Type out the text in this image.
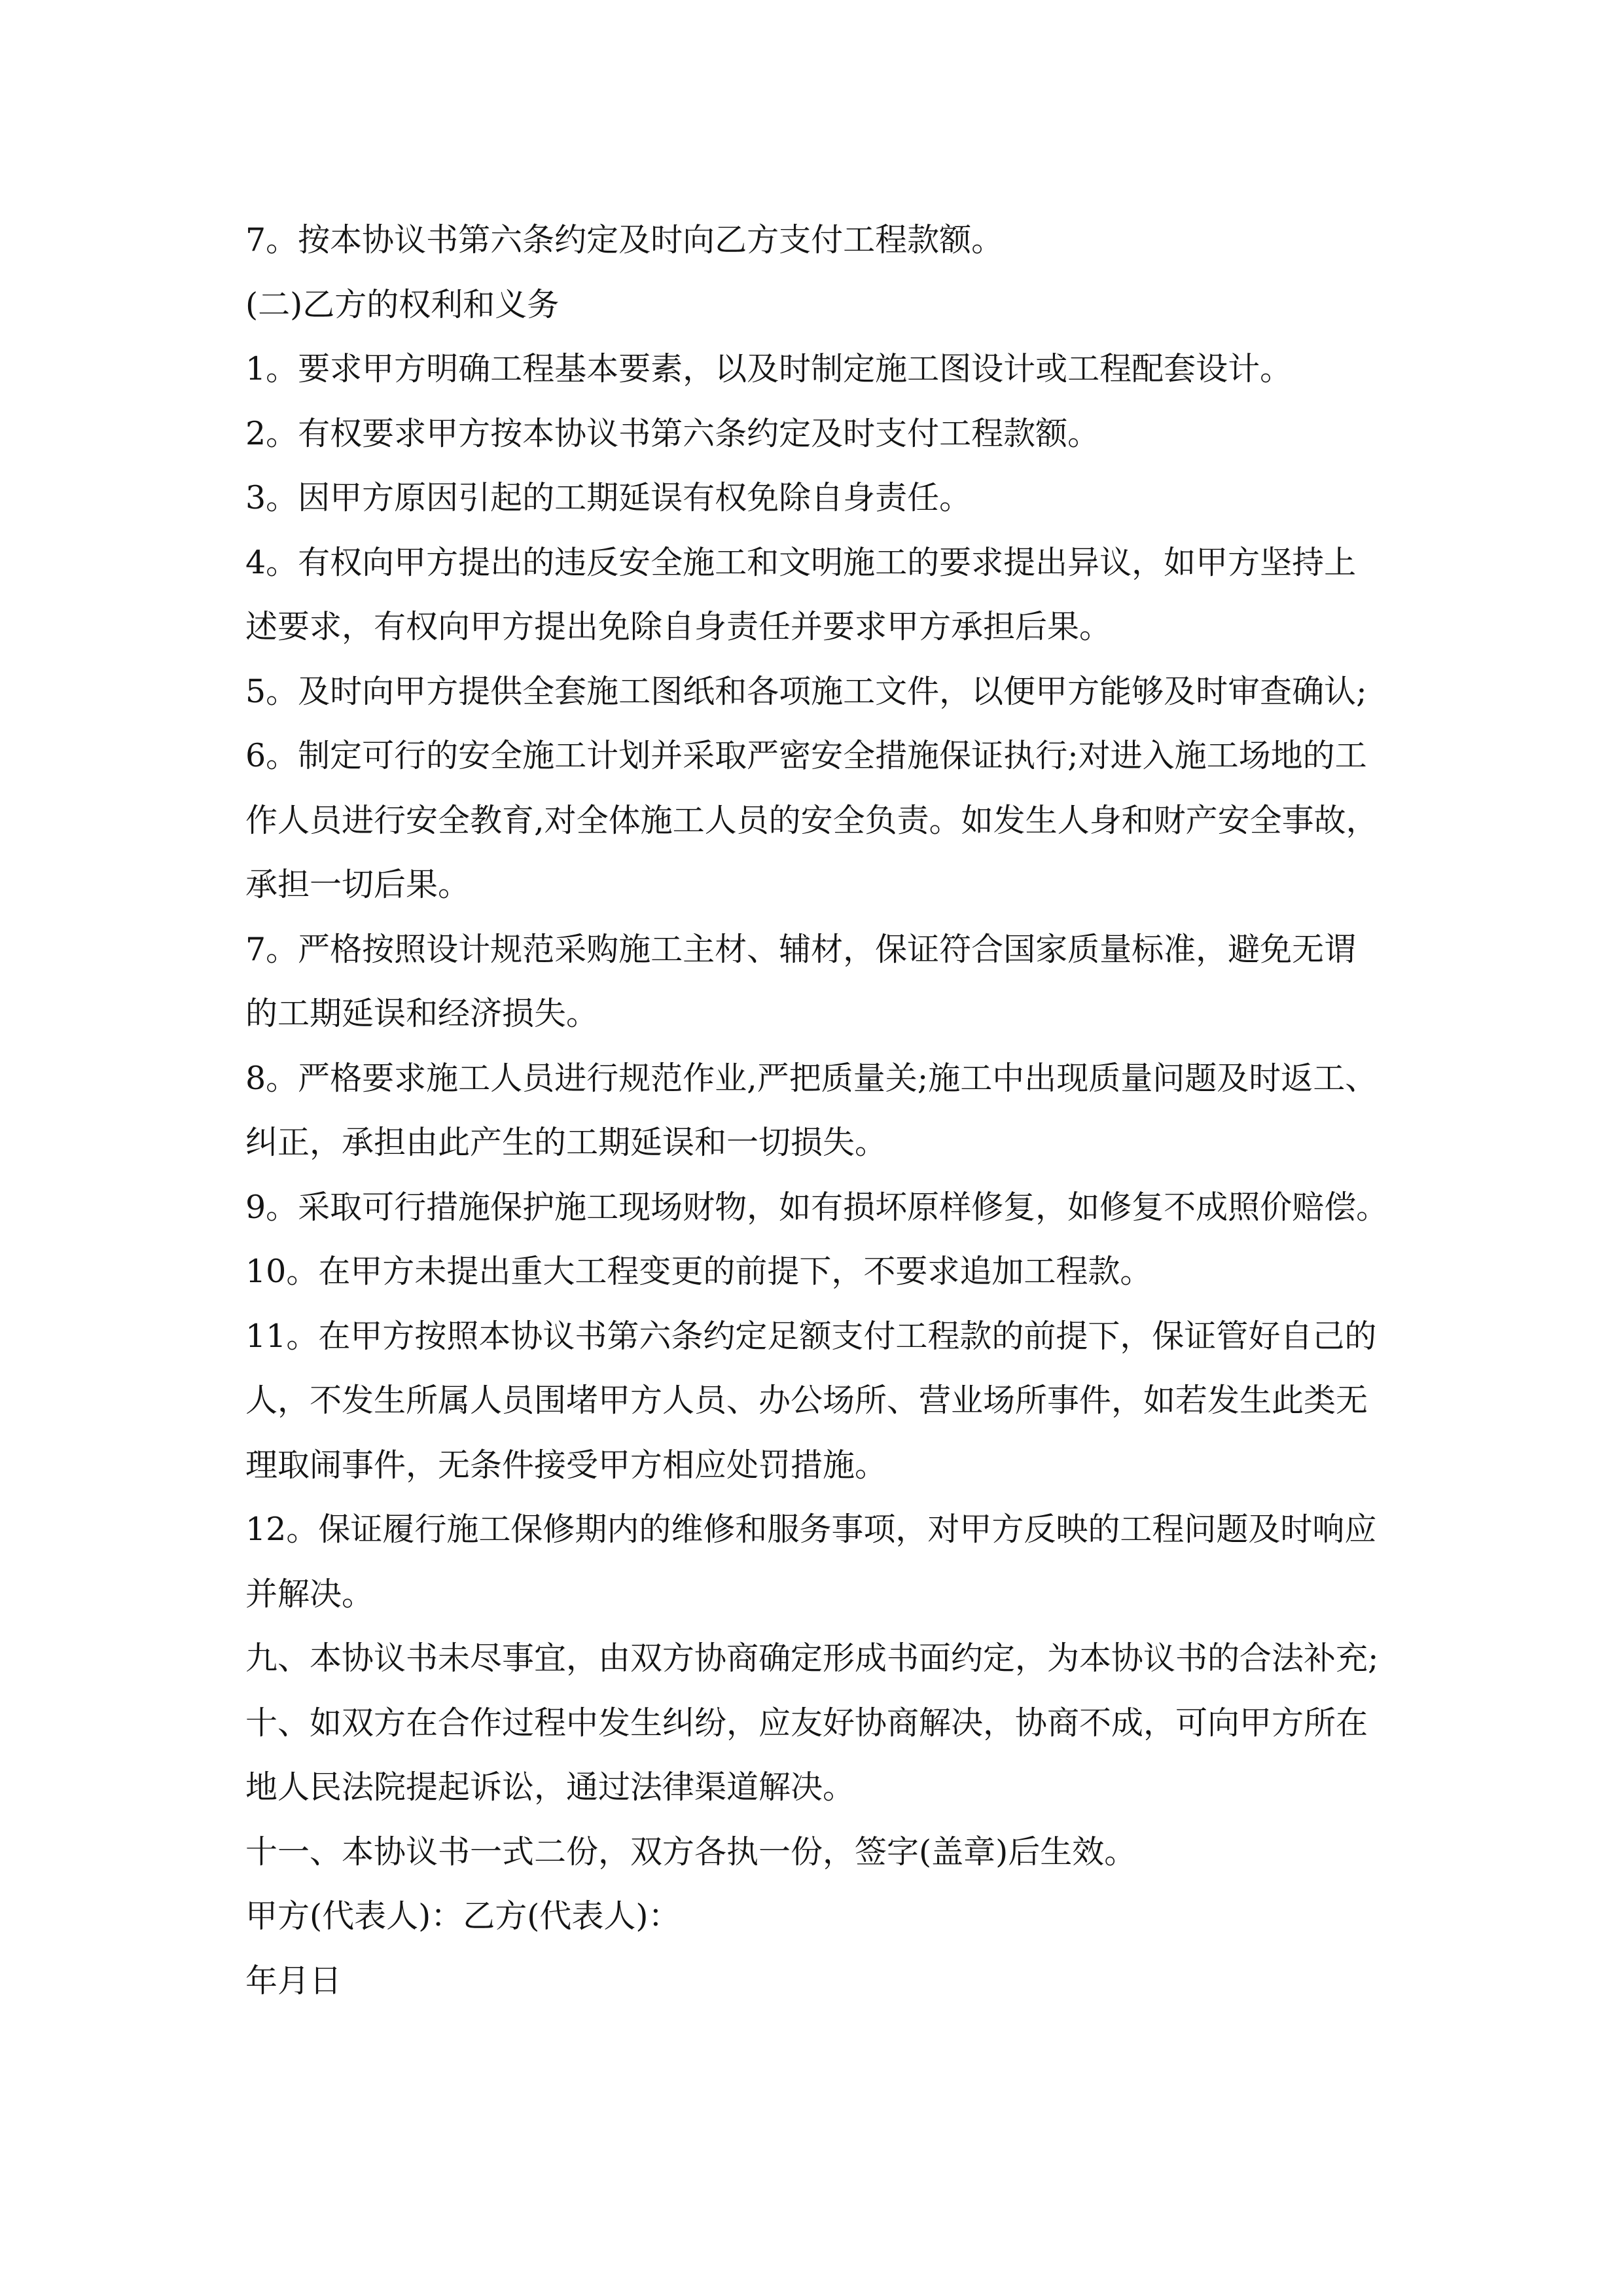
7。按本协议书第六条约定及时向乙方支付工程款额。

(二)乙方的权利和义务

1。要求甲方明确工程基本要素，以及时制定施工图设计或工程配套设计。

2。有权要求甲方按本协议书第六条约定及时支付工程款额。

3。因甲方原因引起的工期延误有权免除自身责任。

4。有权向甲方提出的违反安全施工和文明施工的要求提出异议，如甲方坚持上

述要求，有权向甲方提出免除自身责任并要求甲方承担后果。

5。及时向甲方提供全套施工图纸和各项施工文件，以便甲方能够及时审查确认;

6。制定可行的安全施工计划并采取严密安全措施保证执行;对进入施工场地的工

作人员进行安全教育,对全体施工人员的安全负责。如发生人身和财产安全事故，

承担一切后果。

7。严格按照设计规范采购施工主材、辅材，保证符合国家质量标准，避免无谓

的工期延误和经济损失。

8。严格要求施工人员进行规范作业,严把质量关;施工中出现质量问题及时返工、

纠正，承担由此产生的工期延误和一切损失。

9。采取可行措施保护施工现场财物，如有损坏原样修复，如修复不成照价赔偿。

10。在甲方未提出重大工程变更的前提下，不要求追加工程款。

11。在甲方按照本协议书第六条约定足额支付工程款的前提下，保证管好自己的

人，不发生所属人员围堵甲方人员、办公场所、营业场所事件，如若发生此类无

理取闹事件，无条件接受甲方相应处罚措施。

12。保证履行施工保修期内的维修和服务事项，对甲方反映的工程问题及时响应

并解决。

九、本协议书未尽事宜，由双方协商确定形成书面约定，为本协议书的合法补充;

十、如双方在合作过程中发生纠纷，应友好协商解决，协商不成，可向甲方所在

地人民法院提起诉讼，通过法律渠道解决。

十一、本协议书一式二份，双方各执一份，签字(盖章)后生效。

甲方(代表人)：乙方(代表人)：

年月日
